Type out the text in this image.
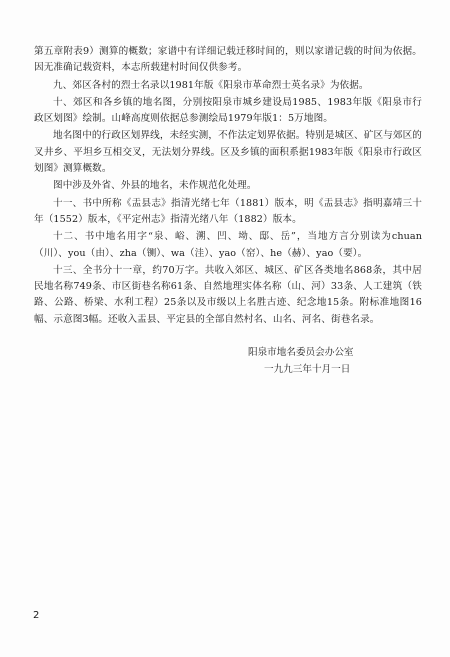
第五章附表9）测算的概数；家谱中有详细记载迁移时间的，则以家谱记载的时间为依据。因无准确记载资料，本志所载建村时间仅供参考。

九、郊区各村的烈士名录以1981年版《阳泉市革命烈士英名录》为依据。

十、郊区和各乡镇的地名图，分别按阳泉市城乡建设局1985、1983年版《阳泉市行政区划图》绘制。山峰高度则依据总参测绘局1979年版1：5万地图。

地名图中的行政区划界线，未经实测，不作法定划界依据。特别是城区、矿区与郊区的叉井乡、平坦乡互相交叉，无法划分界线。区及乡镇的面积系据1983年版《阳泉市行政区划图》测算概数。

图中涉及外省、外县的地名，未作规范化处理。

十一、书中所称《盂县志》指清光绪七年（1881）版本，明《盂县志》指明嘉靖三十年（1552）版本，《平定州志》指清光绪八年（1882）版本。

十二、书中地名用字“泉、峪、溯、凹、坳、邸、岳”，当地方言分别读为chuan（川）、you（由）、zha（铡）、wa（洼）、yao（窑）、he（赫）、yao（要）。

十三、全书分十一章，约70万字。共收入郊区、城区、矿区各类地名868条，其中居民地名称749条、市区街巷名称61条、自然地理实体名称（山、河）33条、人工建筑（铁路、公路、桥梁、水利工程）25条以及市级以上名胜古迹、纪念地15条。附标准地图16幅、示意图3幅。还收入盂县、平定县的全部自然村名、山名、河名、街巷名录。

阳泉市地名委员会办公室
一九九三年十月一日
2
